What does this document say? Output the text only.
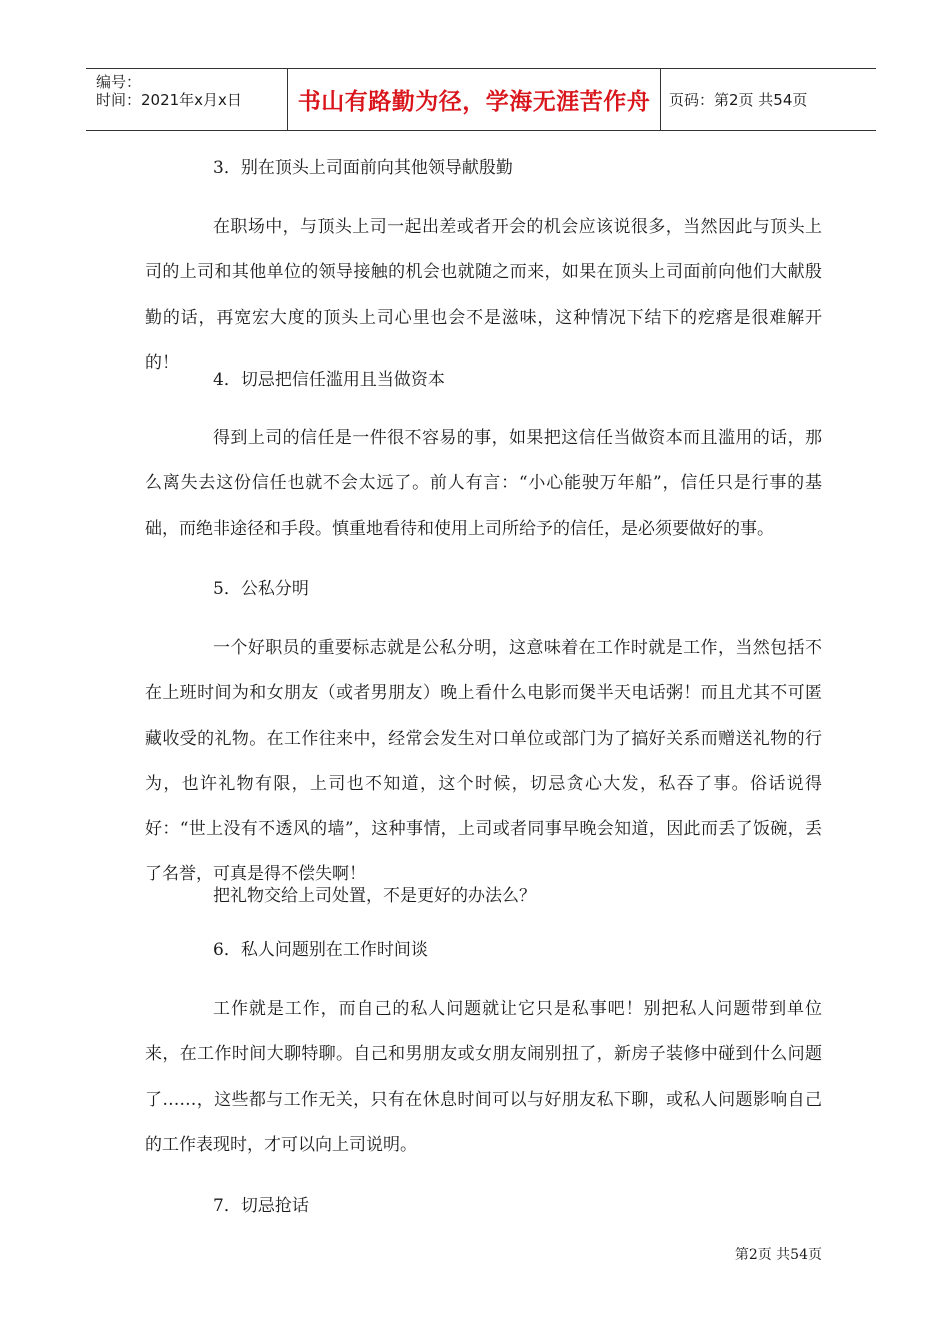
编号：
时间：2021年x月x日 书山有路勤为径，学海无涯苦作舟 页码：第2页 共54页

3．别在顶头上司面前向其他领导献殷勤

在职场中，与顶头上司一起出差或者开会的机会应该说很多，当然因此与顶头上司的上司和其他单位的领导接触的机会也就随之而来，如果在顶头上司面前向他们大献殷勤的话，再宽宏大度的顶头上司心里也会不是滋味，这种情况下结下的疙瘩是很难解开的！

4．切忌把信任滥用且当做资本

得到上司的信任是一件很不容易的事，如果把这信任当做资本而且滥用的话，那么离失去这份信任也就不会太远了。前人有言：“小心能驶万年船”，信任只是行事的基础，而绝非途径和手段。慎重地看待和使用上司所给予的信任，是必须要做好的事。

5．公私分明

一个好职员的重要标志就是公私分明，这意味着在工作时就是工作，当然包括不在上班时间为和女朋友（或者男朋友）晚上看什么电影而煲半天电话粥！而且尤其不可匿藏收受的礼物。在工作往来中，经常会发生对口单位或部门为了搞好关系而赠送礼物的行为，也许礼物有限，上司也不知道，这个时候，切忌贪心大发，私吞了事。俗话说得好：“世上没有不透风的墙”，这种事情，上司或者同事早晚会知道，因此而丢了饭碗，丢了名誉，可真是得不偿失啊！

把礼物交给上司处置，不是更好的办法么？

6．私人问题别在工作时间谈

工作就是工作，而自己的私人问题就让它只是私事吧！别把私人问题带到单位来，在工作时间大聊特聊。自己和男朋友或女朋友闹别扭了，新房子装修中碰到什么问题了……，这些都与工作无关，只有在休息时间可以与好朋友私下聊，或私人问题影响自己的工作表现时，才可以向上司说明。

7．切忌抢话

第2页 共54页
